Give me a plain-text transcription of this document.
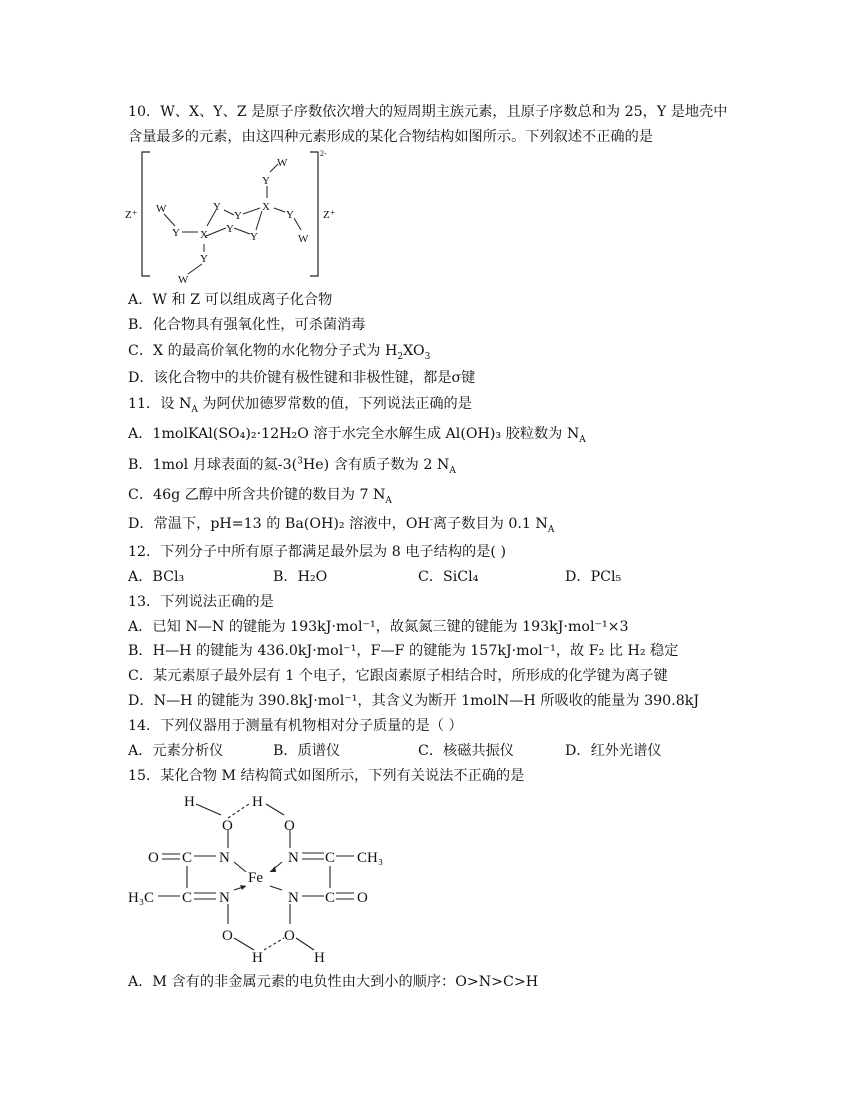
10．W、X、Y、Z 是原子序数依次增大的短周期主族元素，且原子序数总和为 25，Y 是地壳中
含量最多的元素，由这四种元素形成的某化合物结构如图所示。下列叙述不正确的是
2-
Z⁺	Z⁺
W
Y X
Y
Y
Y
Y
X
Y
W
Y
W
Y
W
A．W 和 Z 可以组成离子化合物
B．化合物具有强氧化性，可杀菌消毒
C．X 的最高价氧化物的水化物分子式为 $H_2XO_3$
D．该化合物中的共价键有极性键和非极性键，都是σ键
11．设 $N_A$ 为阿伏加德罗常数的值，下列说法正确的是
A．1molKAl(SO₄)₂·12H₂O 溶于水完全水解生成 Al(OH)₃ 胶粒数为 $N_A$
B．1mol 月球表面的氦-3($^3$He) 含有质子数为 2 $N_A$
C．46g 乙醇中所含共价键的数目为 7 $N_A$
D．常温下，pH=13 的 Ba(OH)₂ 溶液中，OH-离子数目为 0.1 $N_A$
12．下列分子中所有原子都满足最外层为 8 电子结构的是( )
A．BCl₃	B．H₂O	C．SiCl₄	D．PCl₅
13．下列说法正确的是
A．已知 N—N 的键能为 193kJ·mol⁻¹，故氮氮三键的键能为 193kJ·mol⁻¹×3
B．H—H 的键能为 436.0kJ·mol⁻¹，F—F 的键能为 157kJ·mol⁻¹，故 F₂ 比 H₂ 稳定
C．某元素原子最外层有 1 个电子，它跟卤素原子相结合时，所形成的化学键为离子键
D．N—H 的键能为 390.8kJ·mol⁻¹，其含义为断开 1molN—H 所吸收的能量为 390.8kJ
14．下列仪器用于测量有机物相对分子质量的是（ ）
A．元素分析仪	B．质谱仪	C．核磁共振仪	D．红外光谱仪
15．某化合物 M 结构简式如图所示，下列有关说法不正确的是
H	H
O	O
O C N	N C CH₃
Fe
H₃C C N	N C O
O	O
H	H
A．M 含有的非金属元素的电负性由大到小的顺序：O>N>C>H
